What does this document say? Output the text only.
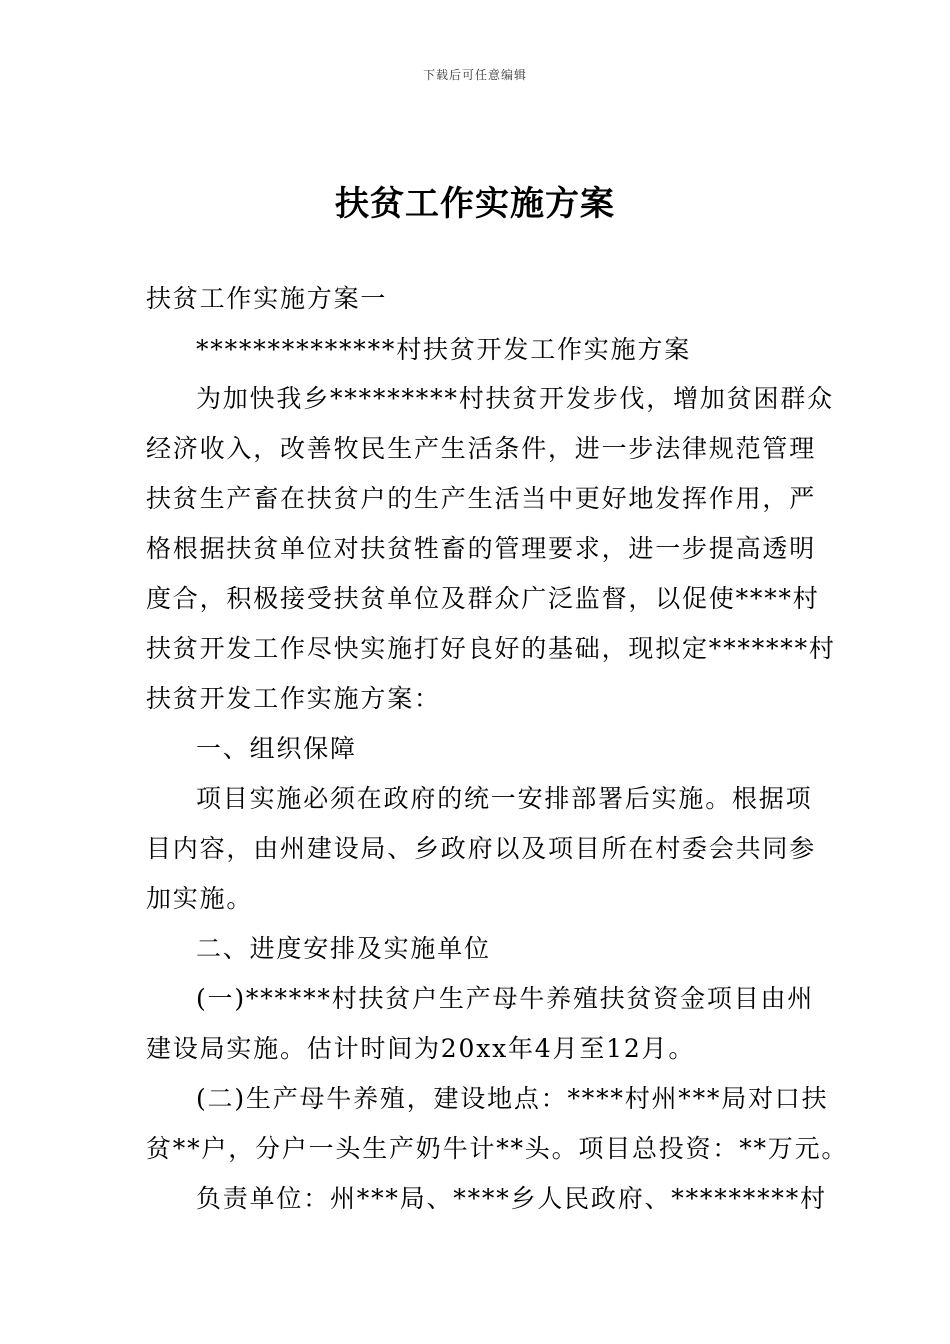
下载后可任意编辑
扶贫工作实施方案
扶贫工作实施方案一
**************村扶贫开发工作实施方案
为加快我乡*********村扶贫开发步伐，增加贫困群众
经济收入，改善牧民生产生活条件，进一步法律规范管理
扶贫生产畜在扶贫户的生产生活当中更好地发挥作用，严
格根据扶贫单位对扶贫牲畜的管理要求，进一步提高透明
度合，积极接受扶贫单位及群众广泛监督，以促使****村
扶贫开发工作尽快实施打好良好的基础，现拟定*******村
扶贫开发工作实施方案：
一、组织保障
项目实施必须在政府的统一安排部署后实施。根据项
目内容，由州建设局、乡政府以及项目所在村委会共同参
加实施。
二、进度安排及实施单位
(一)******村扶贫户生产母牛养殖扶贫资金项目由州
建设局实施。估计时间为20xx年4月至12月。
(二)生产母牛养殖，建设地点：****村州***局对口扶
贫**户，分户一头生产奶牛计**头。项目总投资：**万元。
负责单位：州***局、****乡人民政府、*********村
